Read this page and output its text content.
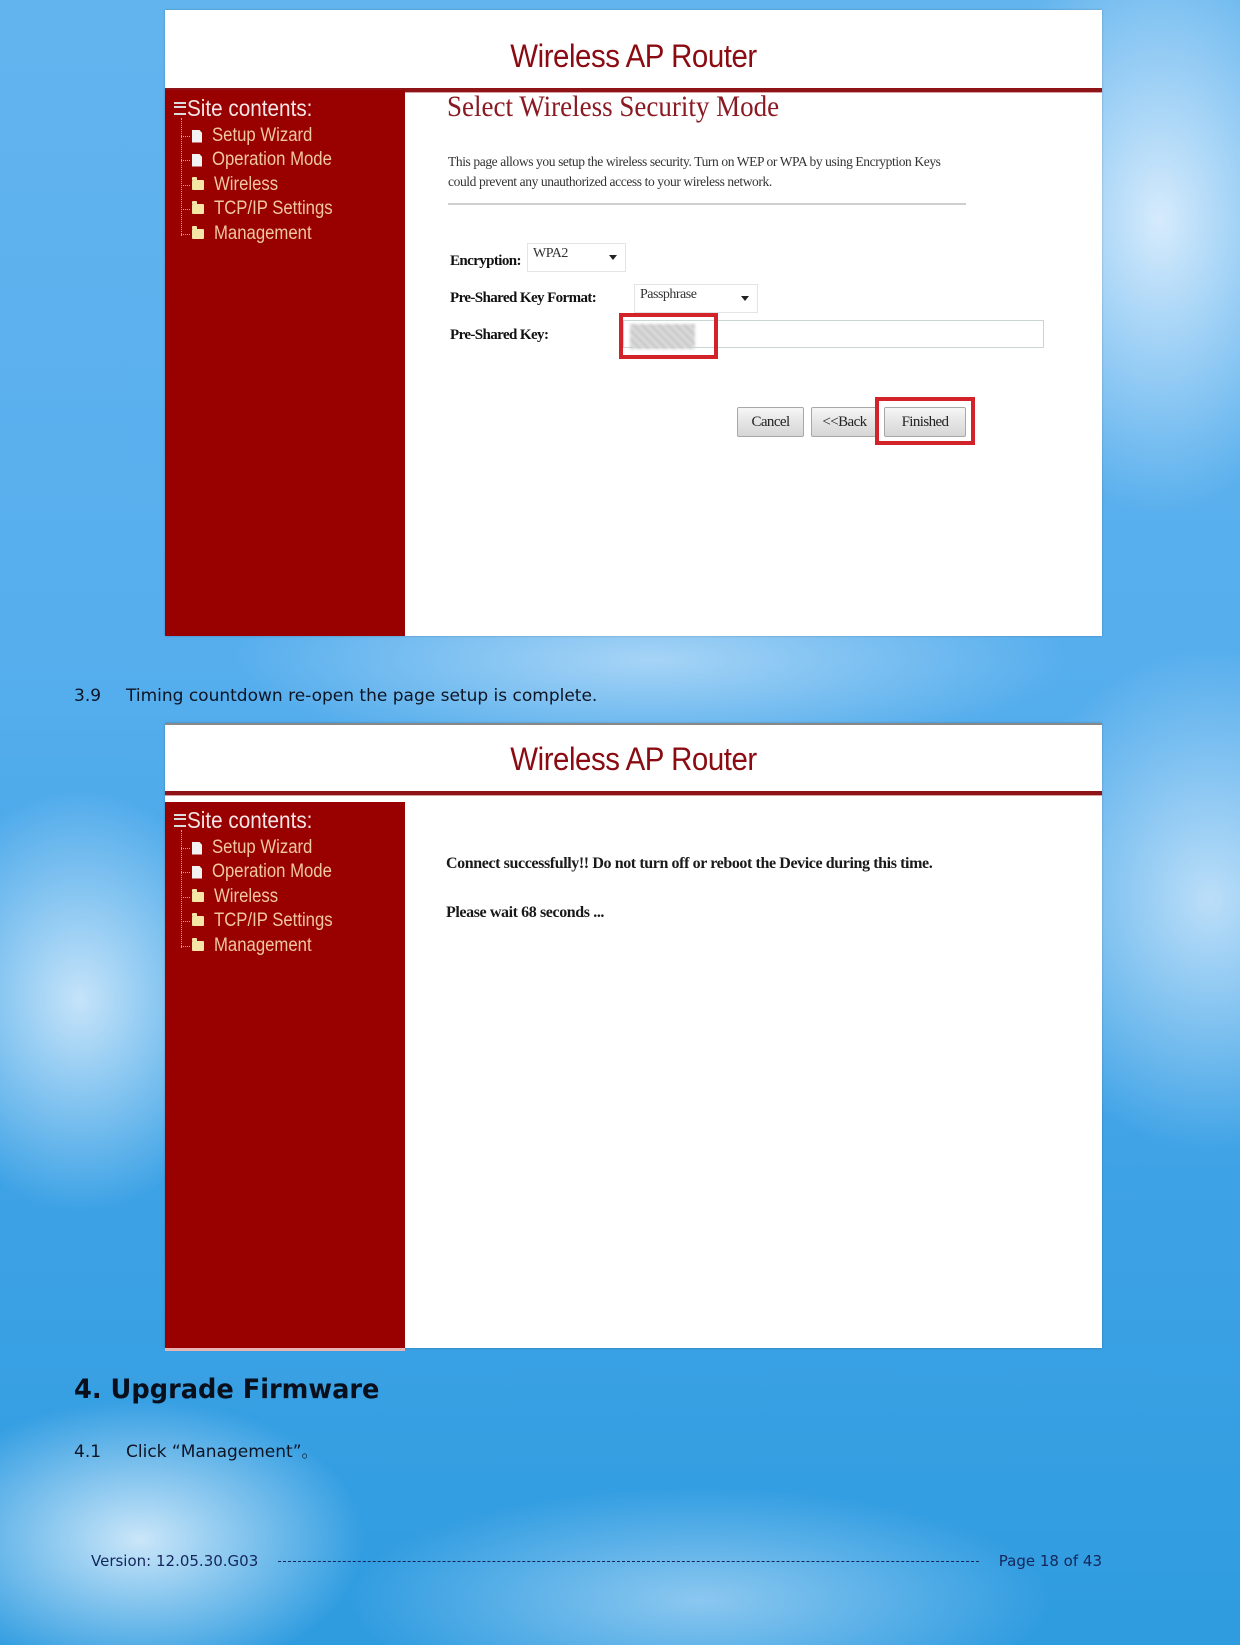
Wireless AP Router
Site contents:
Setup Wizard
Operation Mode
Wireless
TCP/IP Settings
Management
Select Wireless Security Mode
This page allows you setup the wireless security. Turn on WEP or WPA by using Encryption Keys
could prevent any unauthorized access to your wireless network.
Encryption: WPA2
Pre-Shared Key Format:	Passphrase
Pre-Shared Key:
Cancel	<<Back	Finished
3.9 Timing countdown re-open the page setup is complete.
Wireless AP Router
Site contents:
Setup Wizard
Operation Mode
Wireless
TCP/IP Settings
Management
Connect successfully!! Do not turn off or reboot the Device during this time.
Please wait 68 seconds ...
4. Upgrade Firmware
4.1 Click “Management”。
Version: 12.05.30.G03	Page 18 of 43
